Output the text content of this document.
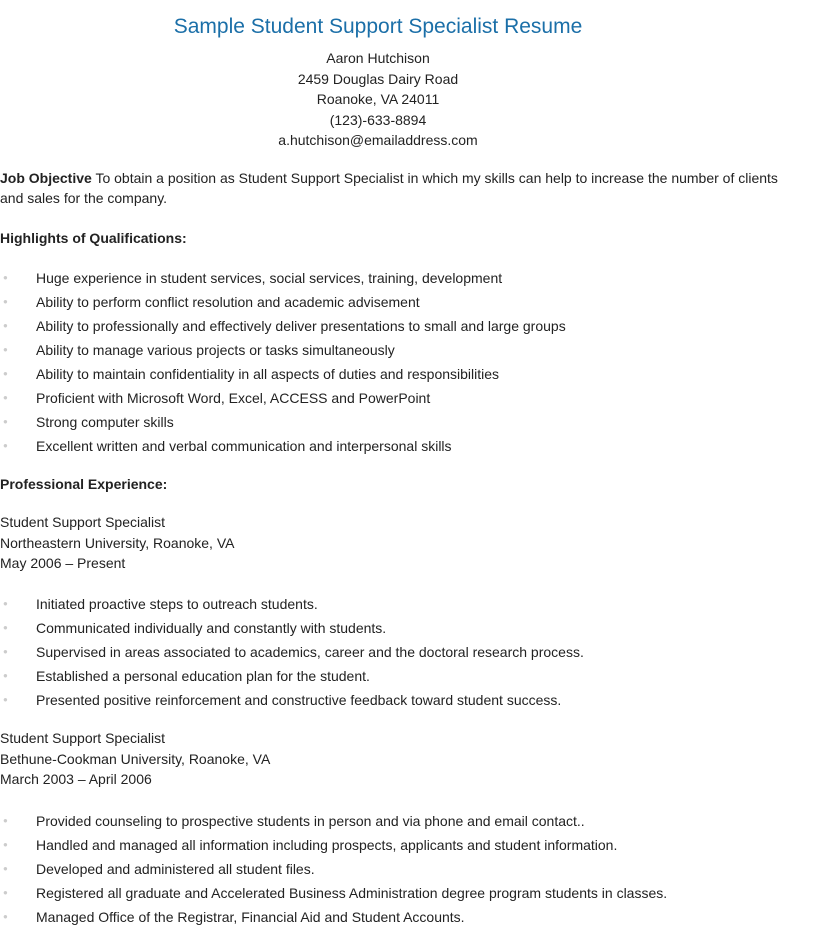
Sample Student Support Specialist Resume
Aaron Hutchison
2459 Douglas Dairy Road
Roanoke, VA 24011
(123)-633-8894
a.hutchison@emailaddress.com
Job Objective To obtain a position as Student Support Specialist in which my skills can help to increase the number of clients and sales for the company.
Highlights of Qualifications:
● Huge experience in student services, social services, training, development
● Ability to perform conflict resolution and academic advisement
● Ability to professionally and effectively deliver presentations to small and large groups
● Ability to manage various projects or tasks simultaneously
● Ability to maintain confidentiality in all aspects of duties and responsibilities
● Proficient with Microsoft Word, Excel, ACCESS and PowerPoint
● Strong computer skills
● Excellent written and verbal communication and interpersonal skills
Professional Experience:
Student Support Specialist
Northeastern University, Roanoke, VA
May 2006 – Present
● Initiated proactive steps to outreach students.
● Communicated individually and constantly with students.
● Supervised in areas associated to academics, career and the doctoral research process.
● Established a personal education plan for the student.
● Presented positive reinforcement and constructive feedback toward student success.
Student Support Specialist
Bethune-Cookman University, Roanoke, VA
March 2003 – April 2006
● Provided counseling to prospective students in person and via phone and email contact..
● Handled and managed all information including prospects, applicants and student information.
● Developed and administered all student files.
● Registered all graduate and Accelerated Business Administration degree program students in classes.
● Managed Office of the Registrar, Financial Aid and Student Accounts.
